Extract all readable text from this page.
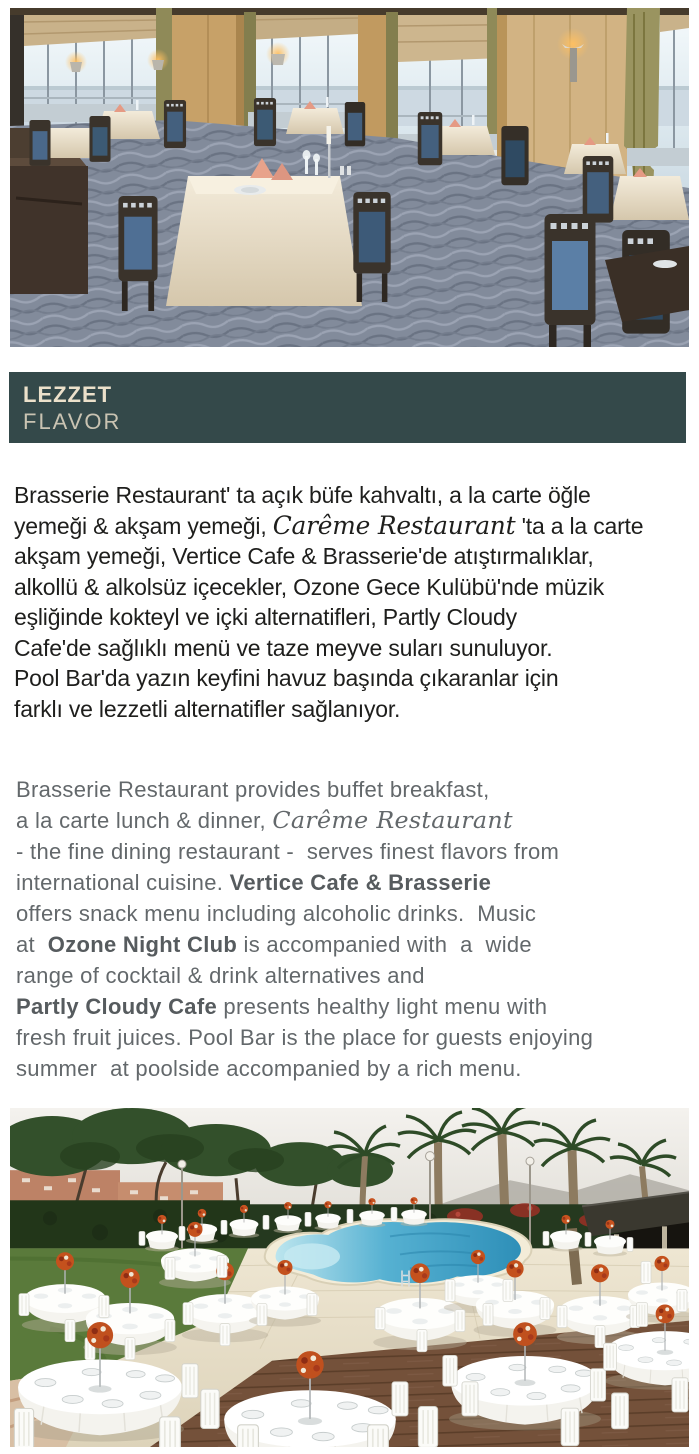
LEZZET
FLAVOR
Brasserie Restaurant' ta açık büfe kahvaltı, a la carte öğle
yemeği & akşam yemeği, Carême Restaurant 'ta a la carte
akşam yemeği, Vertice Cafe & Brasserie'de atıştırmalıklar,
alkollü & alkolsüz içecekler, Ozone Gece Kulübü'nde müzik
eşliğinde kokteyl ve içki alternatifleri, Partly Cloudy
Cafe'de sağlıklı menü ve taze meyve suları sunuluyor.
Pool Bar'da yazın keyfini havuz başında çıkaranlar için
farklı ve lezzetli alternatifler sağlanıyor.
Brasserie Restaurant provides buffet breakfast,
a la carte lunch & dinner, Carême Restaurant
- the fine dining restaurant -  serves finest flavors from
international cuisine. Vertice Cafe & Brasserie
offers snack menu including alcoholic drinks.  Music
at  Ozone Night Club is accompanied with  a  wide
range of cocktail & drink alternatives and
Partly Cloudy Cafe presents healthy light menu with
fresh fruit juices. Pool Bar is the place for guests enjoying
summer  at poolside accompanied by a rich menu.
